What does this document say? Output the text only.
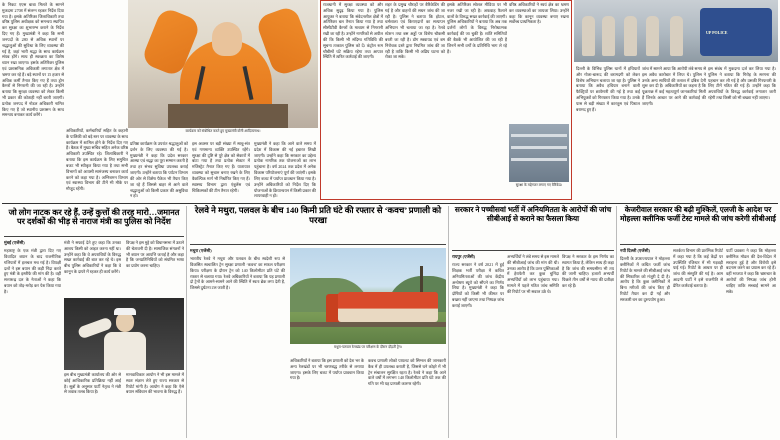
के निकट एएस बाबा मिलते के सामने मुकदमा 2708 में संलग्न रहकर निर्देश दिया गया है। इसके अतिरिक्त जिलाधिकारी तथा वरिष्ठ पुलिस अधीक्षक को समन्वय स्थापित कर सुरक्षा का शुभारम्भ कराने के निर्देश दिए गए हैं। मुख्यमंत्री ने कहा कि सभी जनपदों के 280 से अधिक स्थानों पर श्रद्धालुओं की सुविधा के लिए व्यवस्था की गई है, जहां भारी श्रद्धा के साथ कार्यक्रम संपन्न होंगे। साथ ही स्वच्छता का विशेष ध्यान रखा जाएगा। इसके अतिरिक्त पुलिस एवं प्रशासनिक अधिकारी लगातार क्षेत्र में भ्रमण कर रहे हैं। बड़े स्थानों पर 15 हजार से अधिक कर्मी तैनात किए गए हैं तथा ड्रोन कैमरों से निगरानी की जा रही है। उन्होंने बताया कि सुरक्षा व्यवस्था को लेकर किसी भी प्रकार की कोताही नहीं बरती जाएगी। प्रत्येक जनपद में नोडल अधिकारी नामित किए गए हैं जो स्थानीय प्रशासन के साथ समन्वय बनाकर कार्य करेंगे।
अधिकारियों, कर्मचारियों सहित के कहानी के पालिकी को बड़े स्तर पर व्यवस्था के साथ कार्यक्रम में शामिल होने के निर्देश दिए गए हैं। बैठक में मुख्य सचिव सहित अनेक वरिष्ठ अधिकारी उपस्थित रहे। जिलाधिकारी ने बताया कि इस कार्यक्रम के लिए समुचित बजट भी स्वीकृत किया गया है तथा सभी विभागों को आपसी सामंजस्य बनाकर कार्य करने को कहा गया है। अग्निशमन विभाग एवं स्वास्थ्य विभाग की टीमें भी मौके पर मौजूद रहेंगी।
कार्यक्रम को संबोधित करते हुए मुख्यमंत्री योगी आदित्यनाथ।
प्रतिष्ठा कार्यक्रम के उपरांत श्रद्धालुओं को दर्शन के लिए व्यवस्था की गई है। मुख्यमंत्री ने कहा कि प्रदेश सरकार आस्था एवं श्रद्धा का पूरा सम्मान करती है तथा हर संभव सुविधा उपलब्ध कराई जाएगी। उन्होंने बताया कि पर्यटन विभाग की ओर से विशेष पैकेज भी तैयार किए जा रहे हैं जिससे बाहर से आने वाले श्रद्धालुओं को किसी प्रकार की असुविधा न हो।
इस अवसर पर बड़ी संख्या में साधु-संत एवं गणमान्य व्यक्ति उपस्थित रहेंगे। सुरक्षा की दृष्टि से पूरे क्षेत्र को सेक्टरों में बांटा गया है तथा प्रत्येक सेक्टर में मजिस्ट्रेट तैनात किए गए हैं। यातायात व्यवस्था को सुचारु बनाए रखने के लिए वैकल्पिक मार्ग भी निर्धारित किए गए हैं। स्वास्थ्य विभाग द्वारा एंबुलेंस एवं चिकित्सकों की टीम तैनात रहेगी।
मुख्यमंत्री ने कहा कि आने वाले समय में प्रदेश में विकास की नई इबारत लिखी जाएगी। उन्होंने कहा कि सरकार का उद्देश्य प्रत्येक नागरिक तक योजनाओं का लाभ पहुंचाना है। वर्ष 2024 तक प्रदेश में अनेक विकास परियोजनाएं पूर्ण की जाएंगी। इसके लिए बजट में पर्याप्त प्रावधान किया गया है। उन्होंने अधिकारियों को निर्देश दिए कि योजनाओं के क्रियान्वयन में किसी प्रकार की लापरवाही न हो।
राजधानी में सुरक्षा व्यवस्था को और अधिक सुदृढ़ किया गया है। पुलिस आयुक्त ने बताया कि संवेदनशील क्षेत्रों में अतिरिक्त बल तैनात किया गया है तथा सीसीटीवी कैमरों के माध्यम से निगरानी रखी जा रही है। उन्होंने नागरिकों से अपील की कि किसी भी संदिग्ध गतिविधि की सूचना तत्काल पुलिस को दें। कंट्रोल रूम चौबीसों घंटे सक्रिय रहेगा तथा आपात स्थिति में त्वरित कार्रवाई की जाएगी।
शहर के प्रमुख चौराहों पर बैरिकेडिंग की गई है और वाहनों की सघन जांच की जा रही है। पुलिस ने बताया कि होटल, धर्मशाला एवं किराएदारों का सत्यापन अभियान भी चलाया जा रहा है। रेलवे स्टेशन तथा बस अड्डों पर विशेष चौकसी बरती जा रही है। डॉग स्क्वायड एवं बम निरोधक दस्ते द्वारा नियमित जांच की जा रही है ताकि किसी भी अप्रिय घटना को रोका जा सके।
इसके अतिरिक्त सोशल मीडिया पर भी नजर रखी जा रही है। अफवाह फैलाने वालों के विरुद्ध सख्त कार्रवाई की जाएगी। पुलिस अधिकारियों ने बताया कि अब तक दर्जनों लोगों के विरुद्ध निरोधात्मक कार्रवाई की जा चुकी है। शांति समितियों की बैठकें भी आयोजित की जा रही हैं जिनमें सभी वर्गों के प्रतिनिधि भाग ले रहे हैं।
वरिष्ठ अधिकारियों ने स्वयं क्षेत्र का भ्रमण कर व्यवस्थाओं का जायजा लिया। उन्होंने कहा कि कानून व्यवस्था बनाए रखना सर्वोच्च प्राथमिकता है।
सुरक्षा के मद्देनजर लगाए गए बैरिकेड।
UP POLICE
दिल्ली के विभिन्न पुलिस थानों में हथियारों और गोला-बारूद की बरामदगी को लेकर विशेष अभियान चलाया जा रहा है। पुलिस ने बताया कि अवैध हथियार बनाने वाली फैक्ट्रियों पर छापेमारी की गई है तथा कई अभियुक्तों को गिरफ्तार किया गया है। उनके पास से बड़ी संख्या में कारतूस एवं पिस्टल बरामद हुए हैं।
जांच में सामने आया कि आरोपी लंबे समय से इस अवैध कारोबार में लिप्त थे। पुलिस ने उनके अन्य साथियों की तलाश में दबिश देनी शुरू कर दी है। अधिकारियों का कहना है कि पूछताछ में कई महत्वपूर्ण जानकारियां मिली हैं जिनके आधार पर आगे की कार्रवाई की जाएगी।
इस संबंध में मुकदमा दर्ज कर लिया गया है। पुलिस ने बताया कि गिरोह के सरगना की पहचान कर ली गई है और उसकी गिरफ्तारी के लिए टीमें गठित की गई हैं। उन्होंने कहा कि अपराधियों के विरुद्ध कार्रवाई लगातार जारी रहेगी तथा किसी को भी बख्शा नहीं जाएगा।
जो लोग नाटक कर रहे हैं, उन्हें कुत्तों की तरह मारो…जमानत पर दर्शकों की भीड़ से नाराज मंत्री का पुलिस को निर्देश

मुंबई (एजेंसी)

महाराष्ट्र के एक मंत्री द्वारा दिए गए विवादित बयान के बाद राजनीतिक गलियारों में हलचल मच गई है। विपक्षी दलों ने इस बयान की कड़ी निंदा करते हुए मंत्री के इस्तीफे की मांग की है। वहीं सत्तारूढ़ दल के नेताओं ने कहा कि बयान को तोड़-मरोड़ कर पेश किया गया है।

मंत्री ने सफाई देते हुए कहा कि उनका आशय किसी को आहत करना नहीं था। उन्होंने कहा कि वे अपराधियों के विरुद्ध सख्त कार्रवाई की बात कर रहे थे। इस बीच पुलिस अधिकारियों ने कहा कि वे कानून के दायरे में रहकर ही कार्य करेंगे।
विपक्ष ने इस मुद्दे को विधानसभा में उठाने की चेतावनी दी है। सामाजिक संगठनों ने भी बयान पर आपत्ति जताई है और कहा है कि जनप्रतिनिधियों को संयमित भाषा का प्रयोग करना चाहिए।
इस बीच मुख्यमंत्री कार्यालय की ओर से कोई आधिकारिक प्रतिक्रिया नहीं आई है। सूत्रों के अनुसार पार्टी नेतृत्व ने मंत्री से जवाब तलब किया है।
मानवाधिकार आयोग ने भी इस मामले में स्वतः संज्ञान लेते हुए राज्य सरकार से रिपोर्ट मांगी है। आयोग ने कहा कि ऐसे बयान संविधान की भावना के विरुद्ध हैं।
रेलवे ने मथुरा, पलवल के बीच 140 किमी प्रति घंटे की रफ्तार से ‘कवच’ प्रणाली को परखा

मथुरा (एजेंसी)

भारतीय रेलवे ने मथुरा और पलवल के बीच स्वदेशी रूप से विकसित स्वचालित ट्रेन सुरक्षा प्रणाली ‘कवच’ का सफल परीक्षण किया। परीक्षण के दौरान ट्रेन को 140 किलोमीटर प्रति घंटे की रफ्तार से चलाया गया। रेलवे अधिकारियों ने बताया कि यह प्रणाली दो ट्रेनों के आमने-सामने आने की स्थिति में स्वतः ब्रेक लगा देती है, जिससे दुर्घटना टल जाती है।

मथुरा-पलवल रेलखंड पर परीक्षण के दौरान दौड़ती ट्रेन।
अधिकारियों ने बताया कि इस प्रणाली को देश भर के अन्य रेलखंडों पर भी चरणबद्ध तरीके से लगाया जाएगा। इसके लिए बजट में पर्याप्त प्रावधान किया गया है।
कवच प्रणाली लोको पायलट को सिग्नल की जानकारी कैब में ही उपलब्ध कराती है, जिससे घने कोहरे में भी ट्रेन संचालन सुरक्षित रहता है। रेलवे ने कहा कि आने वाले वर्षों में लगभग 140 किलोमीटर प्रति घंटे तक की गति पर भी यह प्रणाली कारगर रहेगी।
सरकार ने पच्चीसवां भर्ती में अनियमितता के आरोपों की जांच सीबीआई से कराने का फैसला किया

रायपुर (एजेंसी)

राज्य सरकार ने वर्ष 2021 में हुई शिक्षक भर्ती परीक्षा में कथित अनियमितताओं की जांच केंद्रीय अन्वेषण ब्यूरो को सौंपने का निर्णय लिया है। मुख्यमंत्री ने कहा कि दोषियों को किसी भी कीमत पर बख्शा नहीं जाएगा तथा निष्पक्ष जांच कराई जाएगी।

अभ्यर्थियों ने लंबे समय से इस मामले की सीबीआई जांच की मांग की थी। उनका आरोप है कि उत्तर पुस्तिकाओं में हेराफेरी कर कुछ चुनिंदा अभ्यर्थियों को लाभ पहुंचाया गया। मामले में पहले गठित जांच समिति की रिपोर्ट पर भी सवाल उठे थे।
विपक्ष ने सरकार के इस निर्णय का स्वागत किया है, लेकिन साथ ही कहा है कि जांच की समयसीमा भी तय की जानी चाहिए। हजारों अभ्यर्थी पिछले तीन वर्षों से न्याय की प्रतीक्षा कर रहे हैं।
केजरीवाल सरकार की बढ़ी मुश्किलें, एलजी के आदेश पर मोहल्ला क्लीनिक फर्जी टेस्ट मामले की जांच करेगी सीबीआई

नयी दिल्ली (एजेंसी)

दिल्ली के उपराज्यपाल ने मोहल्ला क्लीनिकों में कथित फर्जी जांच रिपोर्ट के मामले की सीबीआई जांच की सिफारिश को मंजूरी दे दी है। आरोप है कि कुछ क्लीनिकों में बिना मरीजों की जांच किए ही रिपोर्ट तैयार कर दी गईं और सरकारी धन का दुरुपयोग हुआ।

सतर्कता विभाग की प्रारंभिक रिपोर्ट में कहा गया है कि कई केंद्रों पर उपस्थिति रजिस्टर में भी गड़बड़ी पाई गई। रिपोर्ट के आधार पर ही जांच की संस्तुति की गई है। आम आदमी पार्टी ने इसे राजनीति से प्रेरित कार्रवाई बताया है।
पार्टी प्रवक्ता ने कहा कि मोहल्ला क्लीनिक मॉडल की देश-विदेश में सराहना हुई है और विरोधी इसे बदनाम करने का प्रयास कर रहे हैं। वहीं भाजपा ने कहा कि भ्रष्टाचार के आरोपों की निष्पक्ष जांच होनी चाहिए ताकि सच्चाई सामने आ सके।
